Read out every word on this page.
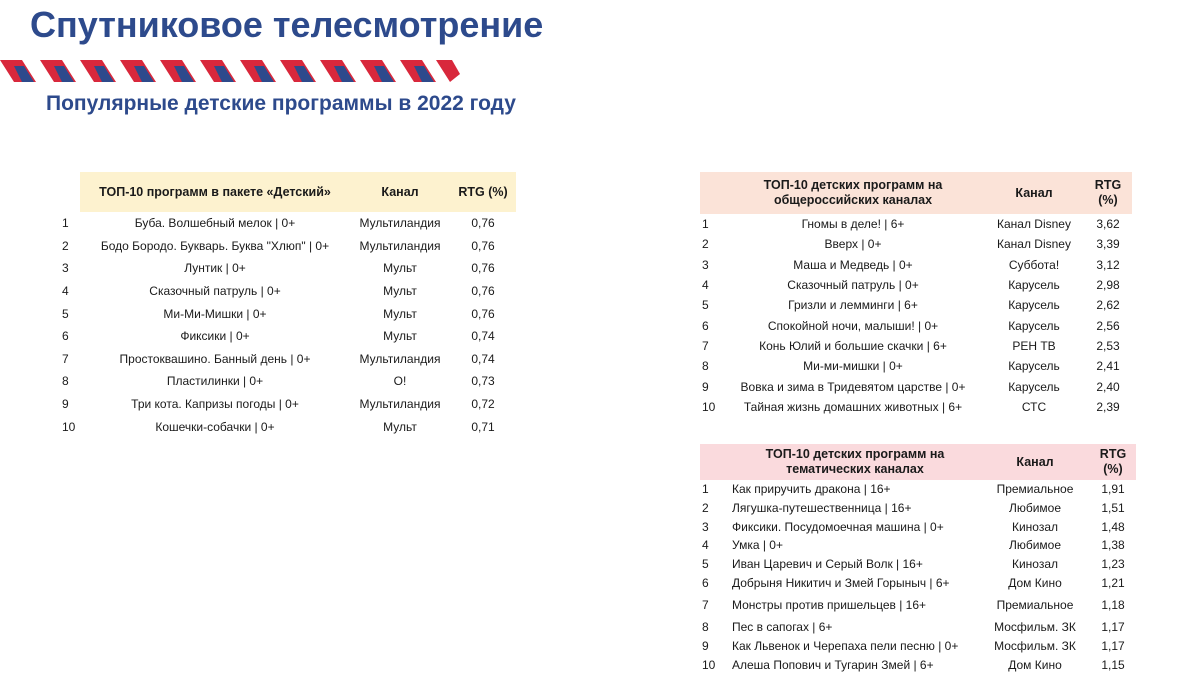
Спутниковое телесмотрение
Популярные детские программы в 2022 году
	ТОП-10 программ в пакете «Детский»	Канал	RTG (%)
1	Буба. Волшебный мелок | 0+	Мультиландия	0,76
2	Бодо Бородо. Букварь. Буква "Хлюп" | 0+	Мультиландия	0,76
3	Лунтик | 0+	Мульт	0,76
4	Сказочный патруль | 0+	Мульт	0,76
5	Ми-Ми-Мишки | 0+	Мульт	0,76
6	Фиксики | 0+	Мульт	0,74
7	Простоквашино. Банный день | 0+	Мультиландия	0,74
8	Пластилинки | 0+	О!	0,73
9	Три кота. Капризы погоды | 0+	Мультиландия	0,72
10	Кошечки-собачки | 0+	Мульт	0,71

	ТОП-10 детских программ на
общероссийских каналах	Канал	RTG (%)
1	Гномы в деле! | 6+	Канал Disney	3,62
2	Вверх | 0+	Канал Disney	3,39
3	Маша и Медведь | 0+	Суббота!	3,12
4	Сказочный патруль | 0+	Карусель	2,98
5	Гризли и лемминги | 6+	Карусель	2,62
6	Спокойной ночи, малыши! | 0+	Карусель	2,56
7	Конь Юлий и большие скачки | 6+	РЕН ТВ	2,53
8	Ми-ми-мишки | 0+	Карусель	2,41
9	Вовка и зима в Тридевятом царстве | 0+	Карусель	2,40
10	Тайная жизнь домашних животных | 6+	СТС	2,39

	ТОП-10 детских программ на
тематических каналах	Канал	RTG (%)
1	Как приручить дракона | 16+	Премиальное	1,91
2	Лягушка-путешественница | 16+	Любимое	1,51
3	Фиксики. Посудомоечная машина | 0+	Кинозал	1,48
4	Умка | 0+	Любимое	1,38
5	Иван Царевич и Серый Волк | 16+	Кинозал	1,23
6	Добрыня Никитич и Змей Горыныч | 6+	Дом Кино	1,21
7	Монстры против пришельцев | 16+	Премиальное	1,18
8	Пес в сапогах | 6+	Мосфильм. ЗК	1,17
9	Как Львенок и Черепаха пели песню | 0+	Мосфильм. ЗК	1,17
10	Алеша Попович и Тугарин Змей | 6+	Дом Кино	1,15
